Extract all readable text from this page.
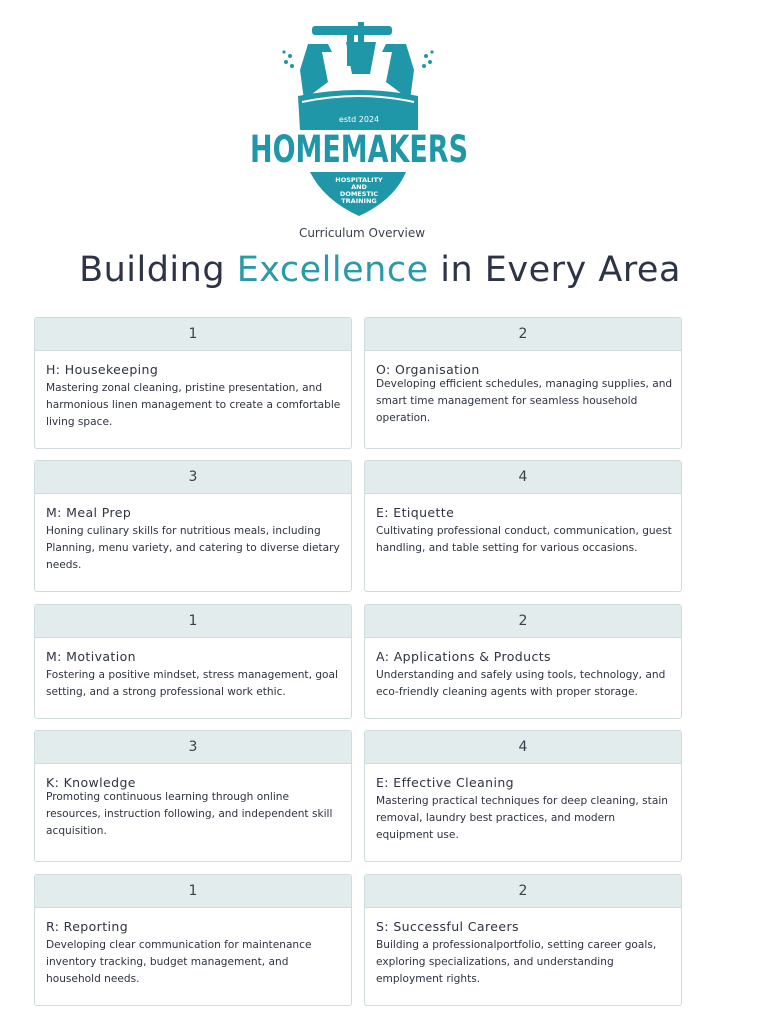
estd 2024
HOMEMAKERS
HOSPITALITY
AND
DOMESTIC
TRAINING
Curriculum Overview
Building Excellence in Every Area
1
H: Housekeeping
Mastering zonal cleaning, pristine presentation, and harmonious linen management to create a comfortable living space.
2
O: Organisation
Developing efficient schedules, managing supplies, and smart time management for seamless household operation.
3
M: Meal Prep
Honing culinary skills for nutritious meals, including Planning, menu variety, and catering to diverse dietary needs.
4
E: Etiquette
Cultivating professional conduct, communication, guest handling, and table setting for various occasions.
1
M: Motivation
Fostering a positive mindset, stress management, goal setting, and a strong professional work ethic.
2
A: Applications & Products
Understanding and safely using tools, technology, and eco-friendly cleaning agents with proper storage.
3
K: Knowledge
Promoting continuous learning through online resources, instruction following, and independent skill acquisition.
4
E: Effective Cleaning
Mastering practical techniques for deep cleaning, stain removal, laundry best practices, and modern equipment use.
1
R: Reporting
Developing clear communication for maintenance inventory tracking, budget management, and household needs.
2
S: Successful Careers
Building a professionalportfolio, setting career goals, exploring specializations, and understanding employment rights.
